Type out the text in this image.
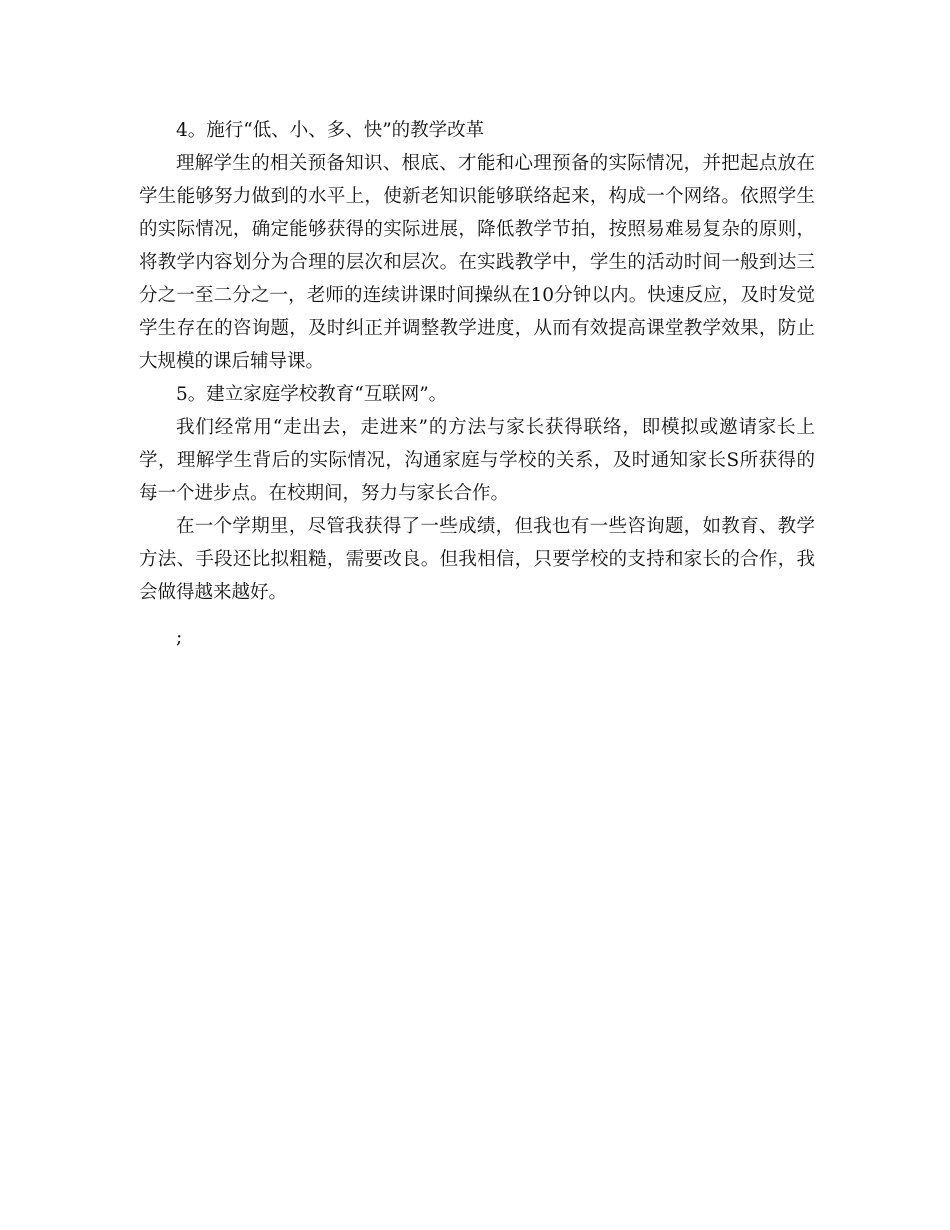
4。施行“低、小、多、快”的教学改革

理解学生的相关预备知识、根底、才能和心理预备的实际情况，并把起点放在学生能够努力做到的水平上，使新老知识能够联络起来，构成一个网络。依照学生的实际情况，确定能够获得的实际进展，降低教学节拍，按照易难易复杂的原则，将教学内容划分为合理的层次和层次。在实践教学中，学生的活动时间一般到达三分之一至二分之一，老师的连续讲课时间操纵在10分钟以内。快速反应，及时发觉学生存在的咨询题，及时纠正并调整教学进度，从而有效提高课堂教学效果，防止大规模的课后辅导课。

5。建立家庭学校教育“互联网”。

我们经常用“走出去，走进来”的方法与家长获得联络，即模拟或邀请家长上学，理解学生背后的实际情况，沟通家庭与学校的关系，及时通知家长S所获得的每一个进步点。在校期间，努力与家长合作。

在一个学期里，尽管我获得了一些成绩，但我也有一些咨询题，如教育、教学方法、手段还比拟粗糙，需要改良。但我相信，只要学校的支持和家长的合作，我会做得越来越好。

;
